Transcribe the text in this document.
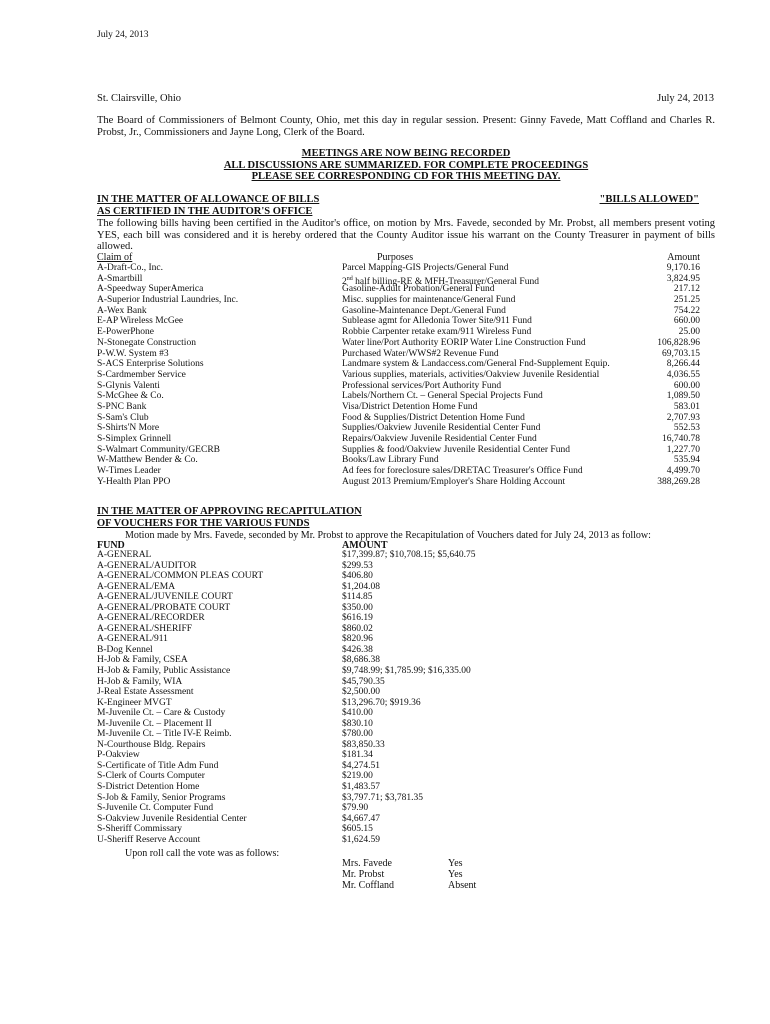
July 24, 2013
St. Clairsville, Ohio	July 24, 2013
The Board of Commissioners of Belmont County, Ohio, met this day in regular session. Present: Ginny Favede, Matt Coffland and Charles R. Probst, Jr., Commissioners and Jayne Long, Clerk of the Board.
MEETINGS ARE NOW BEING RECORDED
ALL DISCUSSIONS ARE SUMMARIZED. FOR COMPLETE PROCEEDINGS
PLEASE SEE CORRESPONDING CD FOR THIS MEETING DAY.
IN THE MATTER OF ALLOWANCE OF BILLS
AS CERTIFIED IN THE AUDITOR'S OFFICE
"BILLS ALLOWED"
The following bills having been certified in the Auditor's office, on motion by Mrs. Favede, seconded by Mr. Probst, all members present voting YES, each bill was considered and it is hereby ordered that the County Auditor issue his warrant on the County Treasurer in payment of bills allowed.
Claim of	Purposes	Amount
A-Draft-Co., Inc.	Parcel Mapping-GIS Projects/General Fund	9,170.16
A-Smartbill	2nd half billing-RE & MFH-Treasurer/General Fund	3,824.95
A-Speedway SuperAmerica	Gasoline-Adult Probation/General Fund	217.12
A-Superior Industrial Laundries, Inc.	Misc. supplies for maintenance/General Fund	251.25
A-Wex Bank	Gasoline-Maintenance Dept./General Fund	754.22
E-AP Wireless McGee	Sublease agmt for Alledonia Tower Site/911 Fund	660.00
E-PowerPhone	Robbie Carpenter retake exam/911 Wireless Fund	25.00
N-Stonegate Construction	Water line/Port Authority EORIP Water Line Construction Fund	106,828.96
P-W.W. System #3	Purchased Water/WWS#2 Revenue Fund	69,703.15
S-ACS Enterprise Solutions	Landmare system & Landaccess.com/General Fnd-Supplement Equip.	8,266.44
S-Cardmember Service	Various supplies, materials, activities/Oakview Juvenile Residential	4,036.55
S-Glynis Valenti	Professional services/Port Authority Fund	600.00
S-McGhee & Co.	Labels/Northern Ct. – General Special Projects Fund	1,089.50
S-PNC Bank	Visa/District Detention Home Fund	583.01
S-Sam's Club	Food & Supplies/District Detention Home Fund	2,707.93
S-Shirts'N More	Supplies/Oakview Juvenile Residential Center Fund	552.53
S-Simplex Grinnell	Repairs/Oakview Juvenile Residential Center Fund	16,740.78
S-Walmart Community/GECRB	Supplies & food/Oakview Juvenile Residential Center Fund	1,227.70
W-Matthew Bender & Co.	Books/Law Library Fund	535.94
W-Times Leader	Ad fees for foreclosure sales/DRETAC Treasurer's Office Fund	4,499.70
Y-Health Plan PPO	August 2013 Premium/Employer's Share Holding Account	388,269.28
IN THE MATTER OF APPROVING RECAPITULATION
OF VOUCHERS FOR THE VARIOUS FUNDS
Motion made by Mrs. Favede, seconded by Mr. Probst to approve the Recapitulation of Vouchers dated for July 24, 2013 as follow:
FUND	AMOUNT
A-GENERAL	$17,399.87; $10,708.15; $5,640.75
A-GENERAL/AUDITOR	$299.53
A-GENERAL/COMMON PLEAS COURT	$406.80
A-GENERAL/EMA	$1,204.08
A-GENERAL/JUVENILE COURT	$114.85
A-GENERAL/PROBATE COURT	$350.00
A-GENERAL/RECORDER	$616.19
A-GENERAL/SHERIFF	$860.02
A-GENERAL/911	$820.96
B-Dog Kennel	$426.38
H-Job & Family, CSEA	$8,686.38
H-Job & Family, Public Assistance	$9,748.99; $1,785.99; $16,335.00
H-Job & Family, WIA	$45,790.35
J-Real Estate Assessment	$2,500.00
K-Engineer MVGT	$13,296.70; $919.36
M-Juvenile Ct. – Care & Custody	$410.00
M-Juvenile Ct. – Placement II	$830.10
M-Juvenile Ct. – Title IV-E Reimb.	$780.00
N-Courthouse Bldg. Repairs	$83,850.33
P-Oakview	$181.34
S-Certificate of Title Adm Fund	$4,274.51
S-Clerk of Courts Computer	$219.00
S-District Detention Home	$1,483.57
S-Job & Family, Senior Programs	$3,797.71; $3,781.35
S-Juvenile Ct. Computer Fund	$79.90
S-Oakview Juvenile Residential Center	$4,667.47
S-Sheriff Commissary	$605.15
U-Sheriff Reserve Account	$1,624.59
Upon roll call the vote was as follows:
Mrs. Favede	Yes
Mr. Probst	Yes
Mr. Coffland	Absent
